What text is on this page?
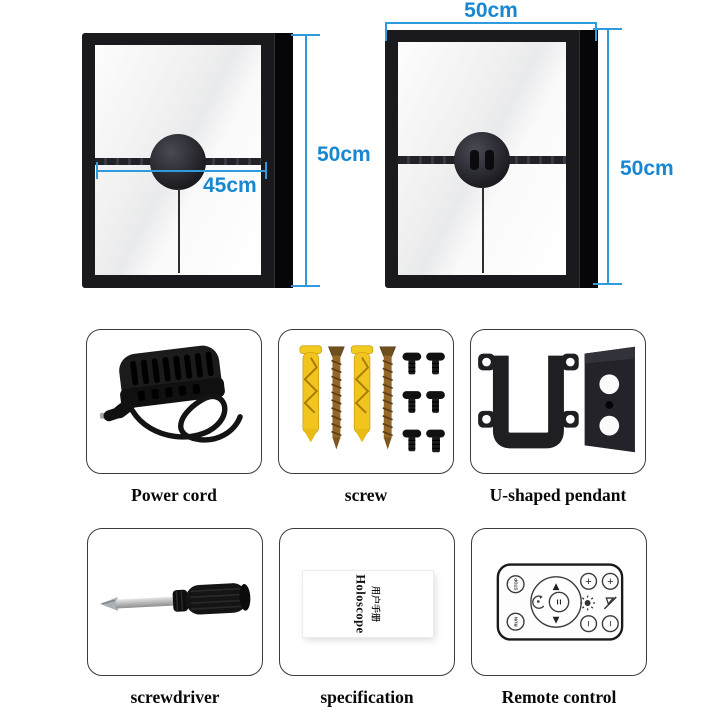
45cm
50cm
50cm
50cm
Power cord	screw	U-shaped pendant
screwdriver
用户手册
Holoscope
specification
STOP
RUN
▲
▼
=
+ +
− −
Remote control
